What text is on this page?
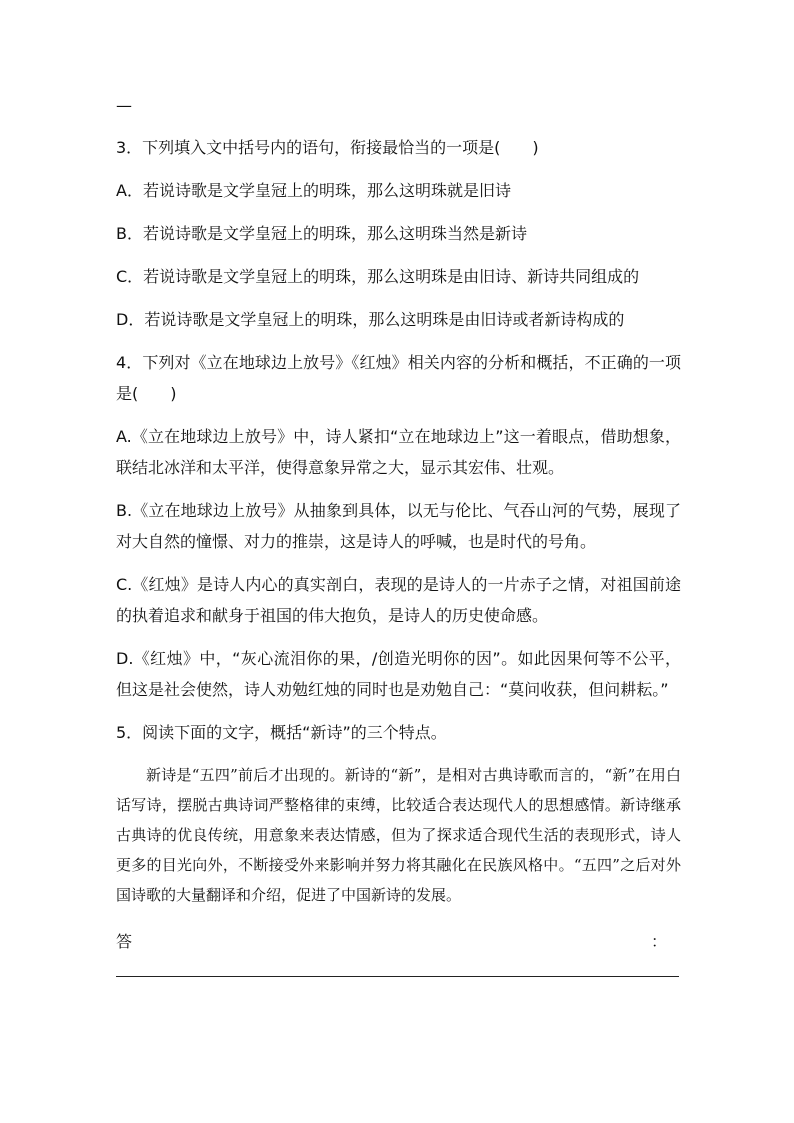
—

3．下列填入文中括号内的语句，衔接最恰当的一项是(　　)

A．若说诗歌是文学皇冠上的明珠，那么这明珠就是旧诗

B．若说诗歌是文学皇冠上的明珠，那么这明珠当然是新诗

C．若说诗歌是文学皇冠上的明珠，那么这明珠是由旧诗、新诗共同组成的

D．若说诗歌是文学皇冠上的明珠，那么这明珠是由旧诗或者新诗构成的

4．下列对《立在地球边上放号》《红烛》相关内容的分析和概括，不正确的一项是(　　)

A.《立在地球边上放号》中，诗人紧扣“立在地球边上”这一着眼点，借助想象，联结北冰洋和太平洋，使得意象异常之大，显示其宏伟、壮观。

B.《立在地球边上放号》从抽象到具体，以无与伦比、气吞山河的气势，展现了对大自然的憧憬、对力的推崇，这是诗人的呼喊，也是时代的号角。

C.《红烛》是诗人内心的真实剖白，表现的是诗人的一片赤子之情，对祖国前途的执着追求和献身于祖国的伟大抱负，是诗人的历史使命感。

D.《红烛》中，“灰心流泪你的果，/创造光明你的因”。如此因果何等不公平，但这是社会使然，诗人劝勉红烛的同时也是劝勉自己：“莫问收获，但问耕耘。”

5．阅读下面的文字，概括“新诗”的三个特点。

新诗是“五四”前后才出现的。新诗的“新”，是相对古典诗歌而言的，“新”在用白话写诗，摆脱古典诗词严整格律的束缚，比较适合表达现代人的思想感情。新诗继承古典诗的优良传统，用意象来表达情感，但为了探求适合现代生活的表现形式，诗人更多的目光向外，不断接受外来影响并努力将其融化在民族风格中。“五四”之后对外国诗歌的大量翻译和介绍，促进了中国新诗的发展。

答	：
